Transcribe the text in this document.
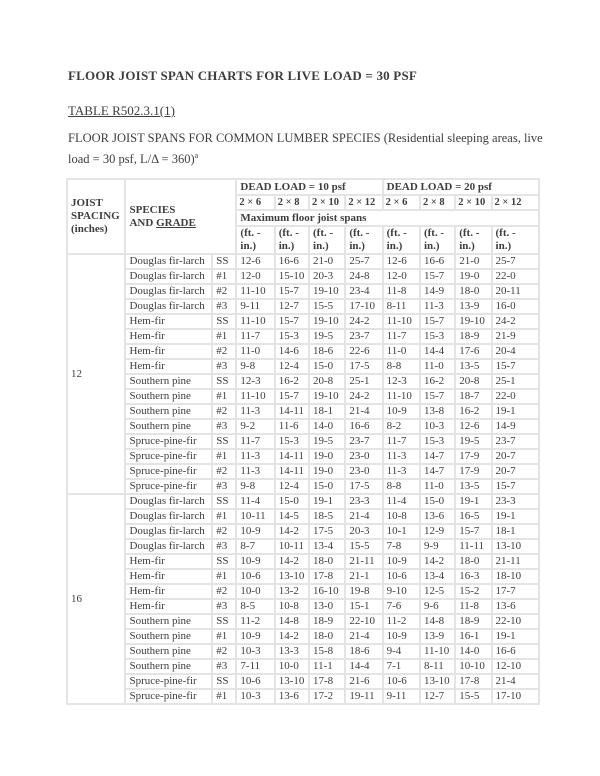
FLOOR JOIST SPAN CHARTS FOR LIVE LOAD = 30 PSF
TABLE R502.3.1(1)
FLOOR JOIST SPANS FOR COMMON LUMBER SPECIES (Residential sleeping areas, live
load = 30 psf, L/Δ = 360)$^a$
JOIST
SPACING
(inches)	SPECIES
AND GRADE		DEAD LOAD = 10 psf				DEAD LOAD = 20 psf			
			2 × 6	2 × 8	2 × 10	2 × 12	2 × 6	2 × 8	2 × 10	2 × 12
			Maximum floor joist spans							
			(ft. -
in.)	(ft. -
in.)	(ft. -
in.)	(ft. -
in.)	(ft. -
in.)	(ft. -
in.)	(ft. -
in.)	(ft. -
in.)
12	Douglas fir-larch	SS	12-6	16-6	21-0	25-7	12-6	16-6	21-0	25-7
	Douglas fir-larch	#1	12-0	15-10	20-3	24-8	12-0	15-7	19-0	22-0
	Douglas fir-larch	#2	11-10	15-7	19-10	23-4	11-8	14-9	18-0	20-11
	Douglas fir-larch	#3	9-11	12-7	15-5	17-10	8-11	11-3	13-9	16-0
	Hem-fir	SS	11-10	15-7	19-10	24-2	11-10	15-7	19-10	24-2
	Hem-fir	#1	11-7	15-3	19-5	23-7	11-7	15-3	18-9	21-9
	Hem-fir	#2	11-0	14-6	18-6	22-6	11-0	14-4	17-6	20-4
	Hem-fir	#3	9-8	12-4	15-0	17-5	8-8	11-0	13-5	15-7
	Southern pine	SS	12-3	16-2	20-8	25-1	12-3	16-2	20-8	25-1
	Southern pine	#1	11-10	15-7	19-10	24-2	11-10	15-7	18-7	22-0
	Southern pine	#2	11-3	14-11	18-1	21-4	10-9	13-8	16-2	19-1
	Southern pine	#3	9-2	11-6	14-0	16-6	8-2	10-3	12-6	14-9
	Spruce-pine-fir	SS	11-7	15-3	19-5	23-7	11-7	15-3	19-5	23-7
	Spruce-pine-fir	#1	11-3	14-11	19-0	23-0	11-3	14-7	17-9	20-7
	Spruce-pine-fir	#2	11-3	14-11	19-0	23-0	11-3	14-7	17-9	20-7
	Spruce-pine-fir	#3	9-8	12-4	15-0	17-5	8-8	11-0	13-5	15-7
16	Douglas fir-larch	SS	11-4	15-0	19-1	23-3	11-4	15-0	19-1	23-3
	Douglas fir-larch	#1	10-11	14-5	18-5	21-4	10-8	13-6	16-5	19-1
	Douglas fir-larch	#2	10-9	14-2	17-5	20-3	10-1	12-9	15-7	18-1
	Douglas fir-larch	#3	8-7	10-11	13-4	15-5	7-8	9-9	11-11	13-10
	Hem-fir	SS	10-9	14-2	18-0	21-11	10-9	14-2	18-0	21-11
	Hem-fir	#1	10-6	13-10	17-8	21-1	10-6	13-4	16-3	18-10
	Hem-fir	#2	10-0	13-2	16-10	19-8	9-10	12-5	15-2	17-7
	Hem-fir	#3	8-5	10-8	13-0	15-1	7-6	9-6	11-8	13-6
	Southern pine	SS	11-2	14-8	18-9	22-10	11-2	14-8	18-9	22-10
	Southern pine	#1	10-9	14-2	18-0	21-4	10-9	13-9	16-1	19-1
	Southern pine	#2	10-3	13-3	15-8	18-6	9-4	11-10	14-0	16-6
	Southern pine	#3	7-11	10-0	11-1	14-4	7-1	8-11	10-10	12-10
	Spruce-pine-fir	SS	10-6	13-10	17-8	21-6	10-6	13-10	17-8	21-4
	Spruce-pine-fir	#1	10-3	13-6	17-2	19-11	9-11	12-7	15-5	17-10
